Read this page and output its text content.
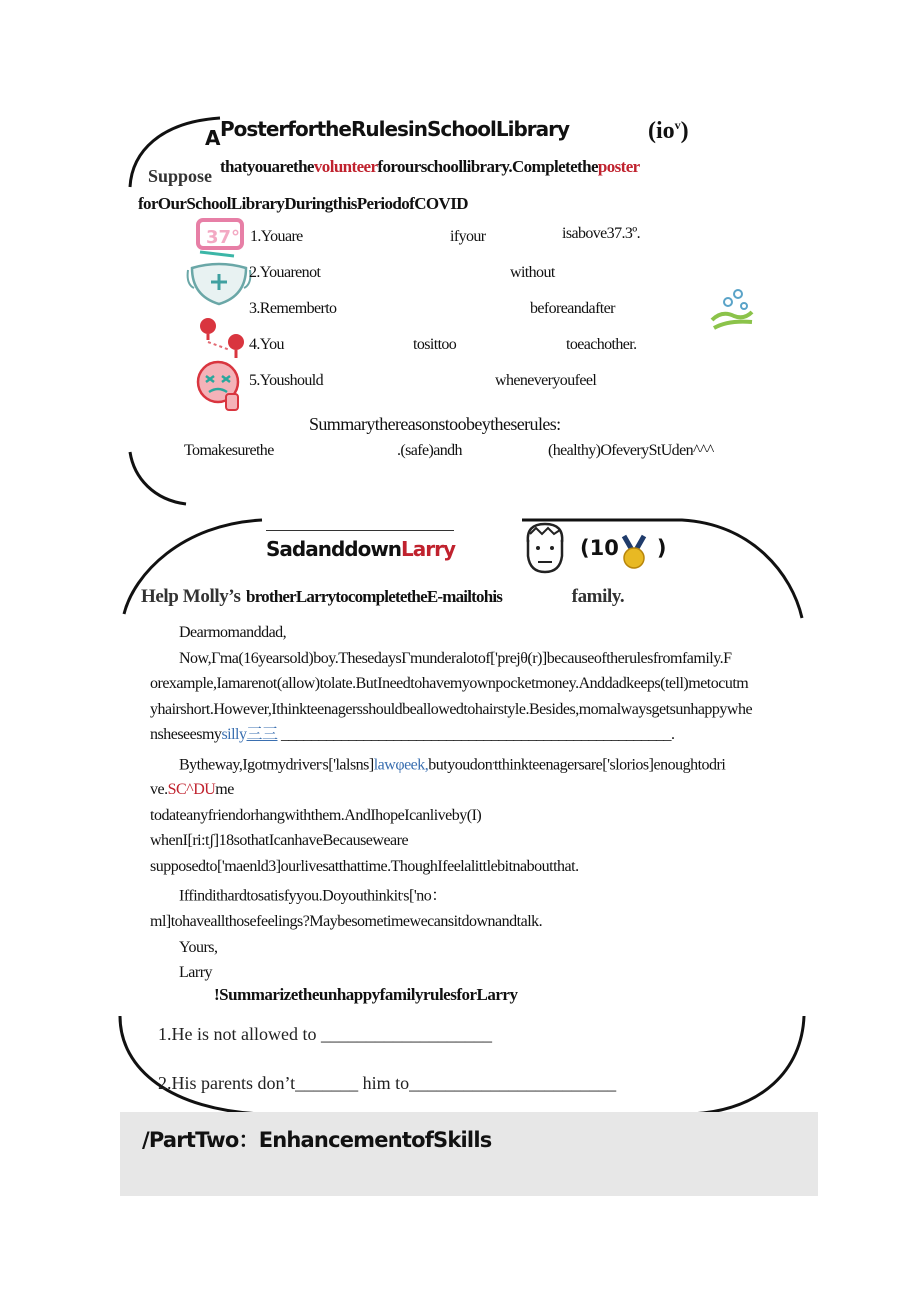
A PosterfortheRulesinSchoolLibrary	$(io^v)$
Suppose thatyouarethevolunteerforourschoollibrary.Completetheposter
forOurSchoolLibraryDuringthisPeriodofCOVID
37° 1.Youare	ifyour	isabove37.3º.
2.Youarenot	without
3.Rememberto	beforeandafter
4.You	tosittoo	toeachother.
5.Youshould	wheneveryoufeel
Summarythereasonstoobeytheserules:
Tomakesurethe	.(safe)andh	(healthy)OfeveryStUden^^^
SadanddownLarry	(10 )
Help Molly’s brotherLarrytocompletetheE-mailtohis	family.
Dearmomanddad,
Now,Γma(16yearsold)boy.ThesedaysΓmunderalotof['prejθ(r)]becauseoftherulesfromfamily.F
orexample,Iamarenot(allow)tolate.ButIneedtohavemyownpocketmoney.Anddadkeeps(tell)metocutm
yhairshort.However,Ithinkteenagersshouldbeallowedtohairstyle.Besides,momalwaysgetsunhappywhe
nsheseesmysilly三三 ____________________________________________________.
Bytheway,Igotmydriver,s['lalsns]lawφeek,butyoudon,tthinkteenagersare['slorios]enoughtodri
ve.SC^DUme
todateanyfriendorhangwiththem.AndIhopeIcanliveby(I)
whenI[ri:tʃ]18sothatIcanhaveBecauseweare
supposedto['maenld3]ourlivesatthattime.ThoughIfeelalittlebitnaboutthat.
Iffindithardtosatisfyyou.Doyouthinkit,s['no：
ml]tohaveallthosefeelings?Maybesometimewecansitdownandtalk.
Yours,
Larry
!SummarizetheunhappyfamilyrulesforLarry
1.He is not allowed to ___________________
2.His parents don’t_______ him to_______________________
/PartTwo：EnhancementofSkills
